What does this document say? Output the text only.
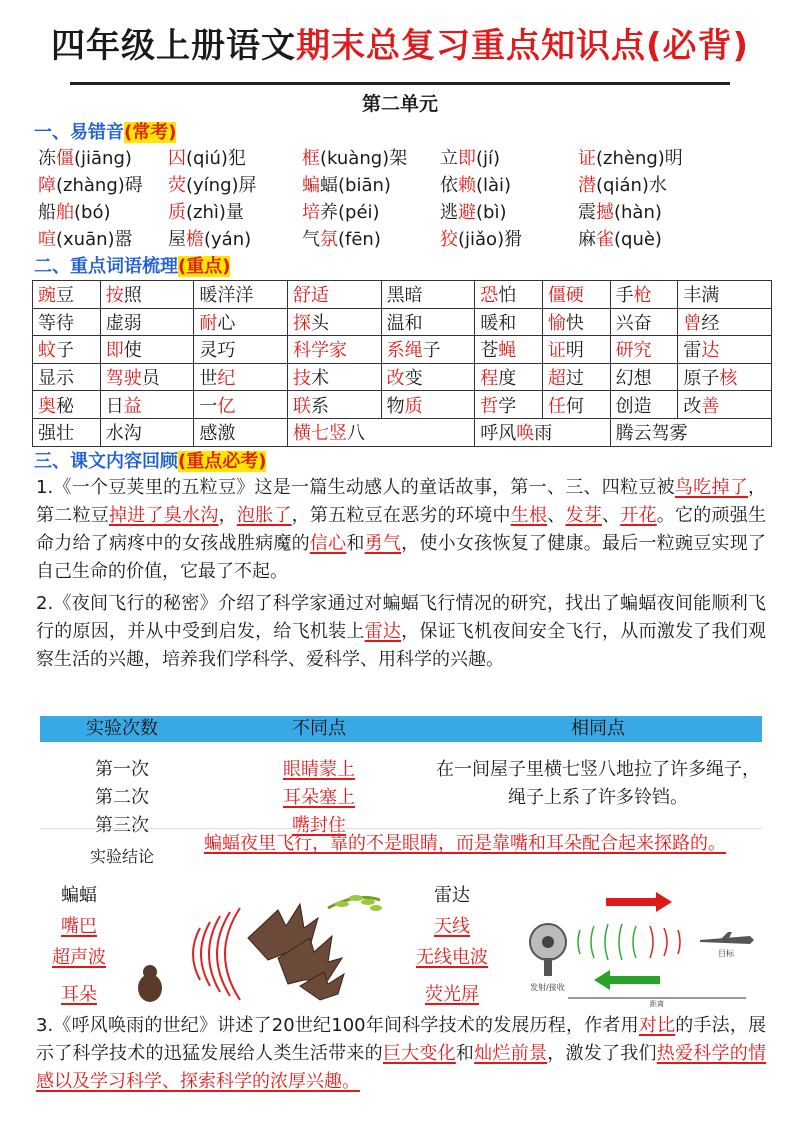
四年级上册语文期末总复习重点知识点(必背)
第二单元
一、易错音(常考)
冻僵(jiāng)	囚(qiú)犯	框(kuàng)架	立即(jí)	证(zhèng)明
障(zhàng)碍	荧(yíng)屏	蝙蝠(biān)	依赖(lài)	潜(qián)水
船舶(bó)	质(zhì)量	培养(péi)	逃避(bì)	震撼(hàn)
喧(xuān)嚣	屋檐(yán)	气氛(fēn)	狡(jiǎo)猾	麻雀(què)
二、重点词语梳理(重点)
豌豆	按照	暖洋洋	舒适	黑暗	恐怕	僵硬	手枪	丰满
等待	虚弱	耐心	探头	温和	暖和	愉快	兴奋	曾经
蚊子	即使	灵巧	科学家	系绳子	苍蝇	证明	研究	雷达
显示	驾驶员	世纪	技术	改变	程度	超过	幻想	原子核
奥秘	日益	一亿	联系	物质	哲学	任何	创造	改善
强壮	水沟	感激	横七竖八		呼风唤雨		腾云驾雾	
三、课文内容回顾(重点必考)

1.《一个豆荚里的五粒豆》这是一篇生动感人的童话故事，第一、三、四粒豆被鸟吃掉了，第二粒豆掉进了臭水沟，泡胀了，第五粒豆在恶劣的环境中生根、发芽、开花。它的顽强生命力给了病疼中的女孩战胜病魔的信心和勇气，使小女孩恢复了健康。最后一粒豌豆实现了自己生命的价值，它最了不起。

2.《夜间飞行的秘密》介绍了科学家通过对蝙蝠飞行情况的研究，找出了蝙蝠夜间能顺利飞行的原因，并从中受到启发，给飞机装上雷达，保证飞机夜间安全飞行，从而激发了我们观察生活的兴趣，培养我们学科学、爱科学、用科学的兴趣。

实验次数	不同点	相同点
第一次	眼睛蒙上
第二次	耳朵塞上
第三次	嘴封住
在一间屋子里横七竖八地拉了许多绳子，绳子上系了许多铃铛。
实验结论
蝙蝠夜里飞行，靠的不是眼睛，而是靠嘴和耳朵配合起来探路的。
蝙蝠
嘴巴
超声波
耳朵
雷达
天线
无线电波
荧光屏	发射/接收
目标
距离
3.《呼风唤雨的世纪》讲述了20世纪100年间科学技术的发展历程，作者用对比的手法，展示了科学技术的迅猛发展给人类生活带来的巨大变化和灿烂前景，激发了我们热爱科学的情感以及学习科学、探索科学的浓厚兴趣。
